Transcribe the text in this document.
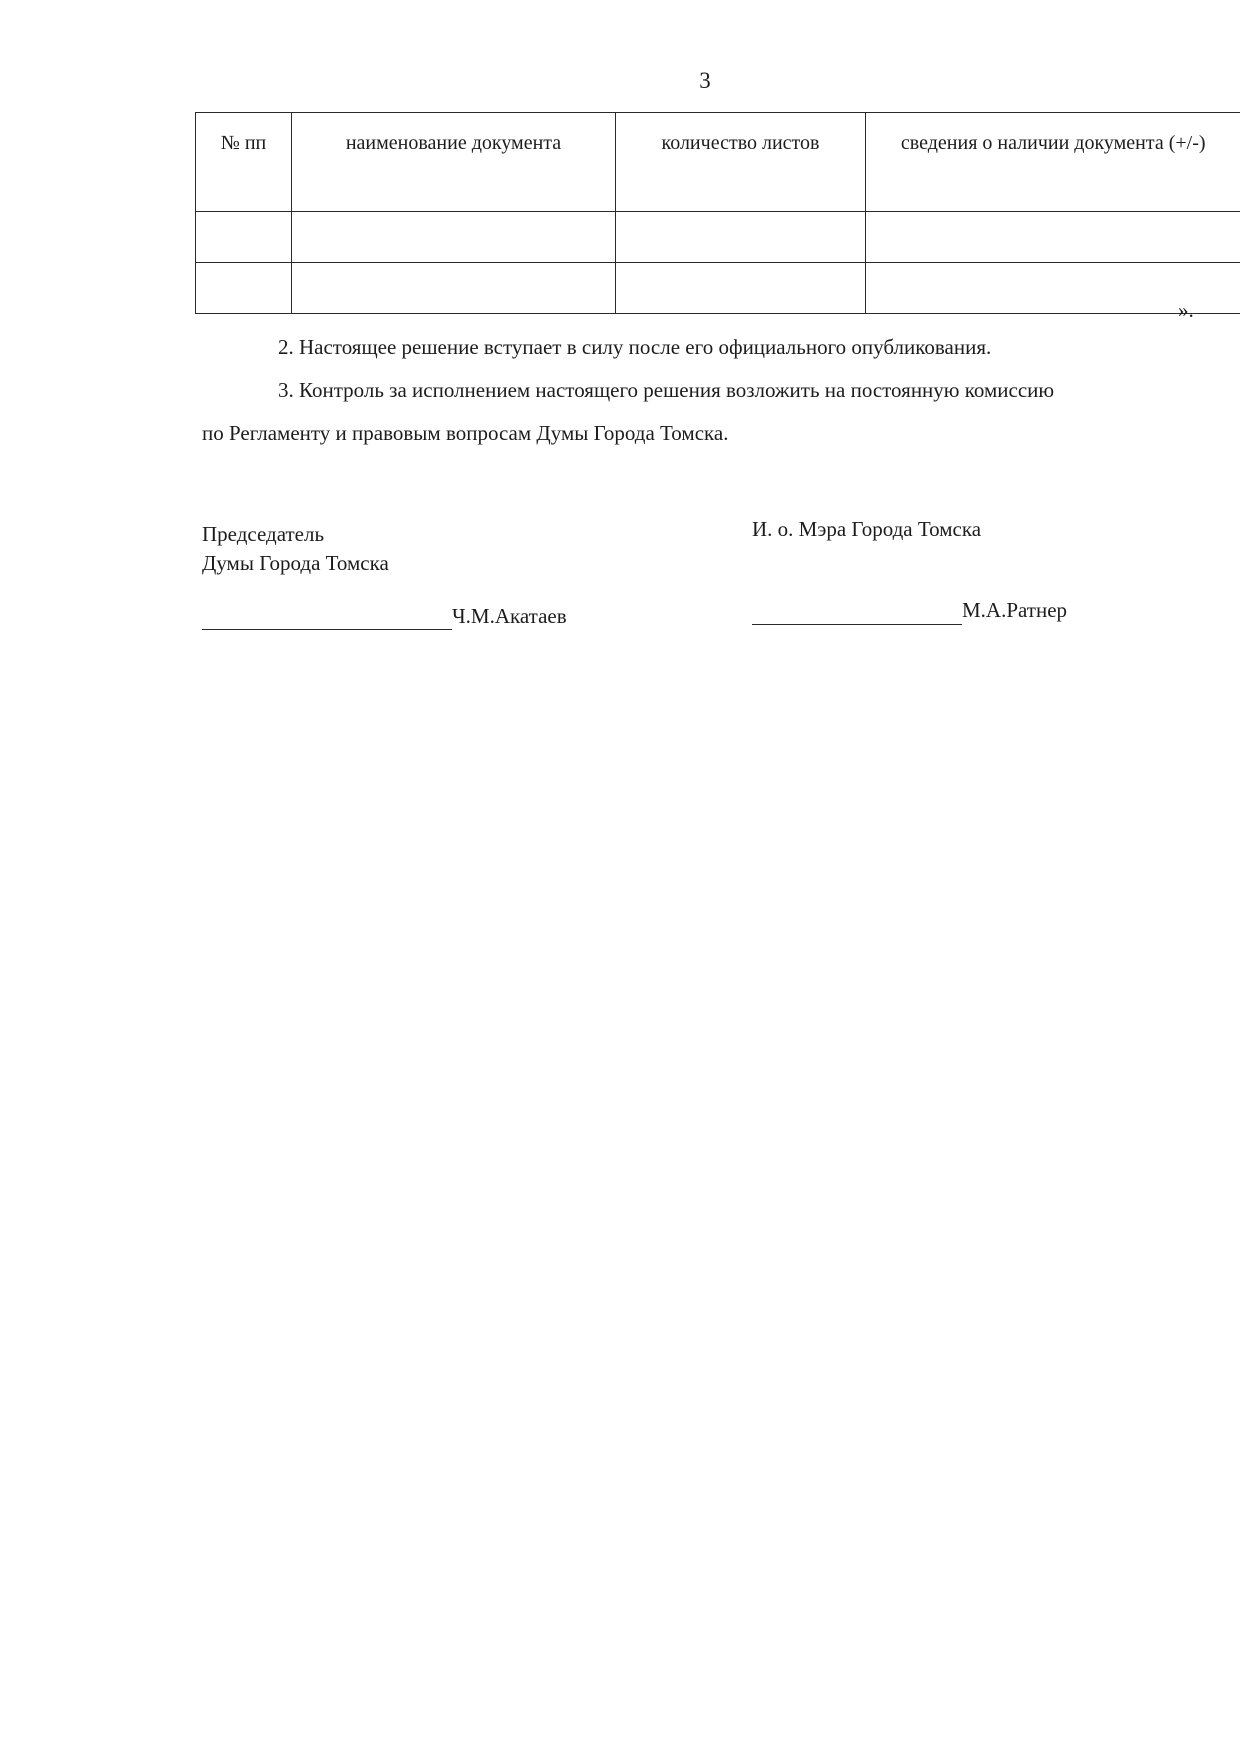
3
№ пп	наименование документа	количество листов	сведения о наличии документа (+/-)

».
2. Настоящее решение вступает в силу после его официального опубликования.
3. Контроль за исполнением настоящего решения возложить на постоянную комиссию
по Регламенту и правовым вопросам Думы Города Томска.
Председатель
Думы Города Томска
И. о. Мэра Города Томска
Ч.М.Акатаев	М.А.Ратнер
